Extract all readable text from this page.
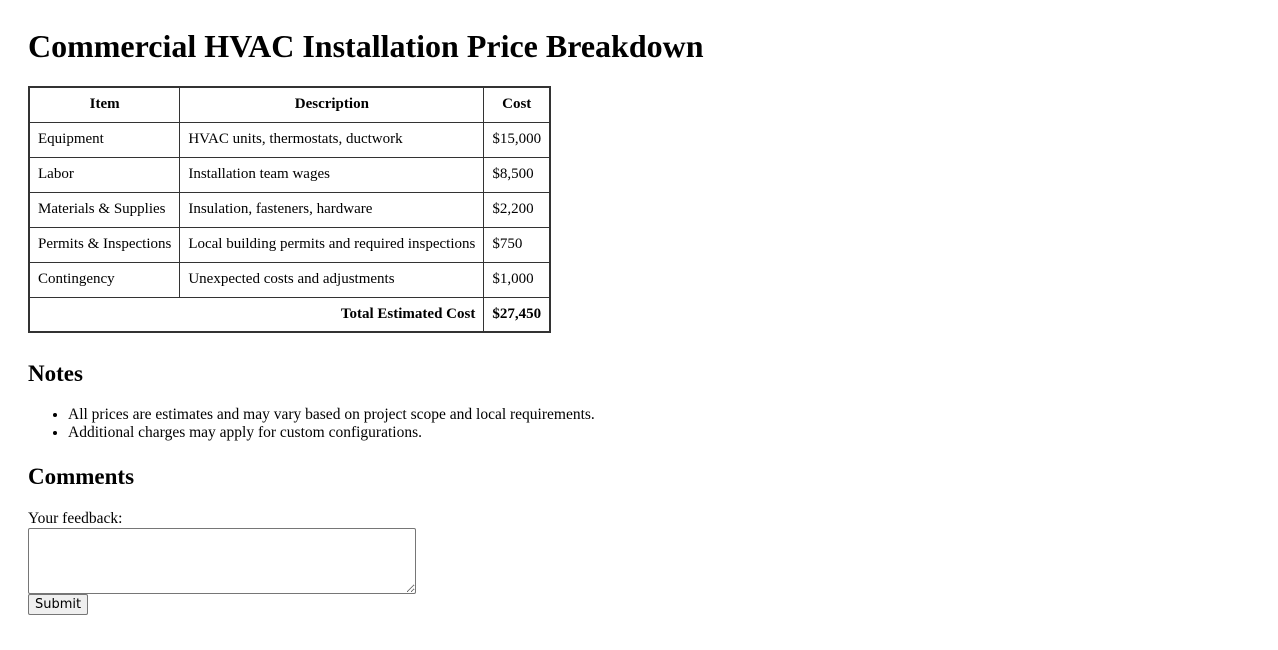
Commercial HVAC Installation Price Breakdown
Item	Description	Cost
Equipment	HVAC units, thermostats, ductwork	$15,000
Labor	Installation team wages	$8,500
Materials & Supplies	Insulation, fasteners, hardware	$2,200
Permits & Inspections	Local building permits and required inspections	$750
Contingency	Unexpected costs and adjustments	$1,000
Total Estimated Cost		$27,450
Notes
• All prices are estimates and may vary based on project scope and local requirements.
• Additional charges may apply for custom configurations.
Comments
Your feedback:
Submit
